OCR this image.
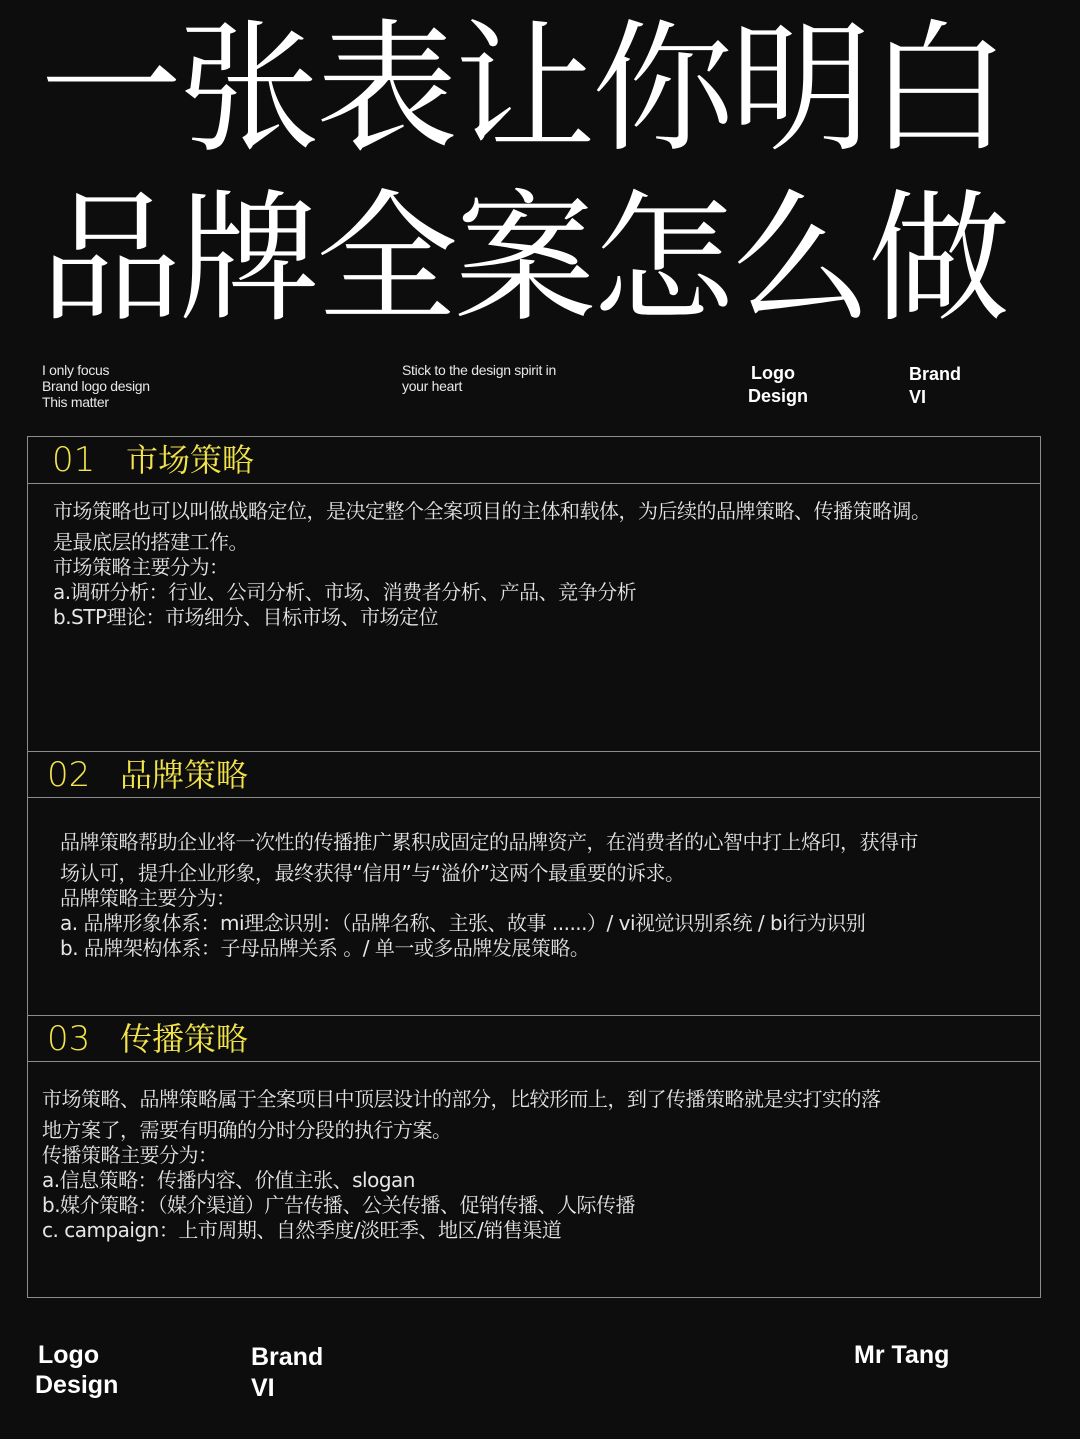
一张表让你明白
品牌全案怎么做
I only focus
Brand logo design
This matter
Stick to the design spirit in
your heart
Logo
Design
Brand
VI
01 市场策略
市场策略也可以叫做战略定位，是决定整个全案项目的主体和载体，为后续的品牌策略、传播策略调。
是最底层的搭建工作。
市场策略主要分为：
a.调研分析：行业、公司分析、市场、消费者分析、产品、竞争分析
b.STP理论：市场细分、目标市场、市场定位
02 品牌策略
品牌策略帮助企业将一次性的传播推广累积成固定的品牌资产，在消费者的心智中打上烙印，获得市
场认可，提升企业形象，最终获得“信用”与“溢价”这两个最重要的诉求。
品牌策略主要分为：
a. 品牌形象体系：mi理念识别：（品牌名称、主张、故事 ......）/ vi视觉识别系统 / bi行为识别
b. 品牌架构体系：子母品牌关系 。/ 单一或多品牌发展策略。
03 传播策略
市场策略、品牌策略属于全案项目中顶层设计的部分，比较形而上，到了传播策略就是实打实的落
地方案了，需要有明确的分时分段的执行方案。
传播策略主要分为：
a.信息策略：传播内容、价值主张、slogan
b.媒介策略：（媒介渠道）广告传播、公关传播、促销传播、人际传播
c. campaign：上市周期、自然季度/淡旺季、地区/销售渠道
Logo
Design
Brand
VI
Mr Tang
